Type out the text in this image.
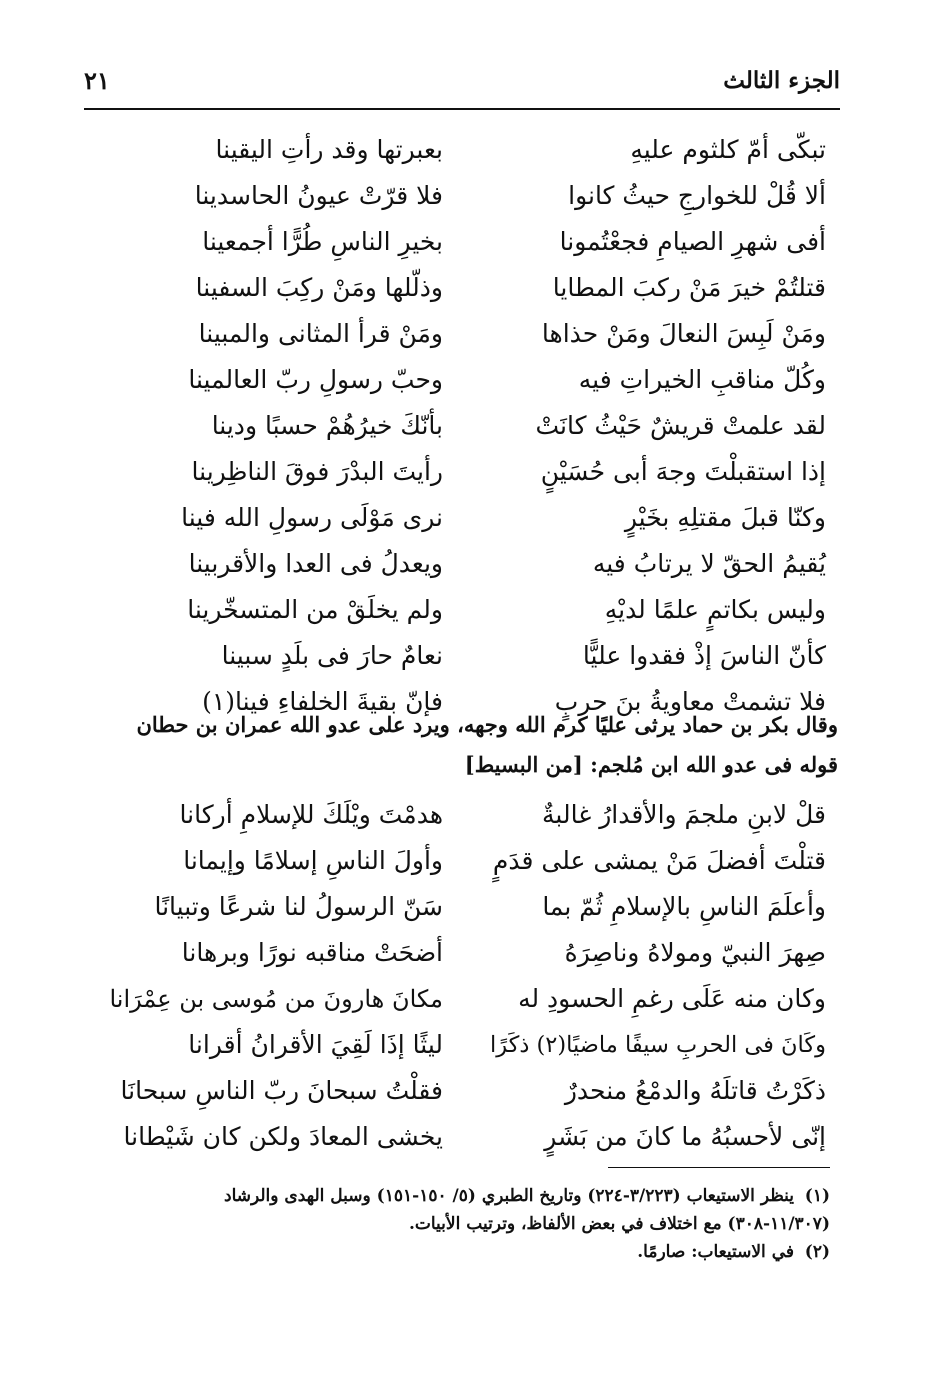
٢١	الجزء الثالث
تبكّى أمّ كلثوم عليهِ
بعبرتها وقد رأتِ اليقينا
ألا قُلْ للخوارجِ حيثُ كانوا
فلا قرّتْ عيونُ الحاسدينا
أفى شهرِ الصيامِ فجعْتُمونا
بخيرِ الناسِ طُرًّا أجمعينا
قتلتُمْ خيرَ مَنْ ركبَ المطايا
وذلّلها ومَنْ ركِبَ السفينا
ومَنْ لَبِسَ النعالَ ومَنْ حذاها
ومَنْ قرأ المثانى والمبينا
وكُلّ مناقبِ الخيراتِ فيه
وحبّ رسولِ ربّ العالمينا
لقد علمتْ قريشٌ حَيْثُ كانَتْ
بأنّكَ خيرُهُمْ حسبًا ودينا
إذا استقبلْتَ وجهَ أبى حُسَيْنٍ
رأيتَ البدْرَ فوقَ الناظِرينا
وكنّا قبلَ مقتلِهِ بخَيْرٍ
نرى مَوْلَى رسولِ الله فينا
يُقيمُ الحقّ لا يرتابُ فيه
ويعدلُ فى العدا والأقربينا
وليس بكاتمٍ علمًا لديْهِ
ولم يخلَقْ من المتسخّرينا
كأنّ الناسَ إذْ فقدوا عليًّا
نعامٌ حارَ فى بلَدٍ سبينا
فلا تشمتْ معاويةُ بنَ حربٍ
فإنّ بقيةَ الخلفاءِ فينا(١)
وقال بكر بن حماد يرثى عليًا كرم الله وجهه، ويرد على عدو الله عمران بن حطان
قوله فى عدو الله ابن مُلجم: [من البسيط]
قلْ لابنِ ملجمَ والأقدارُ غالبةٌ
هدمْتَ ويْلَكَ للإسلامِ أركانا
قتلْتَ أفضلَ مَنْ يمشى على قدَمٍ
وأولَ الناسِ إسلامًا وإيمانا
وأعلَمَ الناسِ بالإسلامِ ثُمّ بما
سَنّ الرسولُ لنا شرعًا وتبيانًا
صِهرَ النبيّ ومولاهُ وناصِرَهُ
أضحَتْ مناقبه نورًا وبرهانا
وكان منه عَلَى رغمِ الحسودِ له
مكانَ هارونَ من مُوسى بن عِمْرَانا
وكَانَ فى الحربِ سيفًا ماضيًا(٢) ذكَرًا
ليثًا إذَا لَقِيَ الأقرانُ أقرانا
ذكَرْتُ قاتلَهُ والدمْعُ منحدرٌ
فقلْتُ سبحانَ ربّ الناسِ سبحانَا
إنّى لأحسبُهُ ما كانَ من بَشَرٍ
يخشى المعادَ ولكن كان شَيْطانا
(١)ينظر الاستيعاب (٣/٢٢٣-٢٢٤) وتاريخ الطبري (٥/ ١٥٠-١٥١) وسبل الهدى والرشاد
(١١/٣٠٧-٣٠٨) مع اختلاف في بعض الألفاظ، وترتيب الأبيات.
(٢)في الاستيعاب: صارمًا.
